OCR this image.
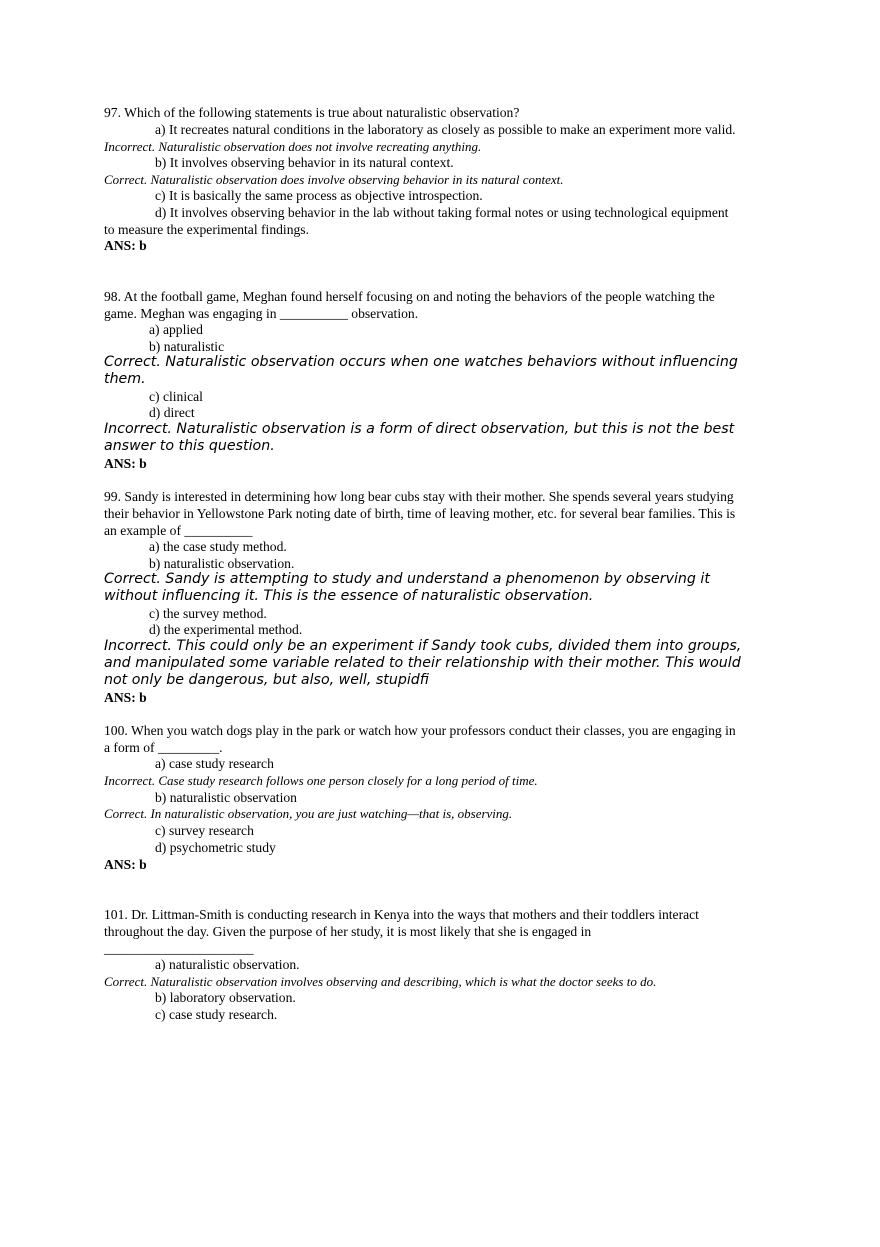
97. Which of the following statements is true about naturalistic observation?

a) It recreates natural conditions in the laboratory as closely as possible to make an experiment more valid.

Incorrect. Naturalistic observation does not involve recreating anything.

b) It involves observing behavior in its natural context.

Correct. Naturalistic observation does involve observing behavior in its natural context.

c) It is basically the same process as objective introspection.

d) It involves observing behavior in the lab without taking formal notes or using technological equipment

to measure the experimental findings.

ANS: b

98. At the football game, Meghan found herself focusing on and noting the behaviors of the people watching the

game. Meghan was engaging in __________ observation.

a) applied

b) naturalistic

Correct. Naturalistic observation occurs when one watches behaviors without influencing

them.

c) clinical

d) direct

Incorrect. Naturalistic observation is a form of direct observation, but this is not the best

answer to this question.

ANS: b

99. Sandy is interested in determining how long bear cubs stay with their mother. She spends several years studying

their behavior in Yellowstone Park noting date of birth, time of leaving mother, etc. for several bear families. This is

an example of __________

a) the case study method.

b) naturalistic observation.

Correct. Sandy is attempting to study and understand a phenomenon by observing it

without influencing it. This is the essence of naturalistic observation.

c) the survey method.

d) the experimental method.

Incorrect. This could only be an experiment if Sandy took cubs, divided them into groups,

and manipulated some variable related to their relationship with their mother. This would

not only be dangerous, but also, well, stupidfi

ANS: b

100. When you watch dogs play in the park or watch how your professors conduct their classes, you are engaging in

a form of _________.

a) case study research

Incorrect. Case study research follows one person closely for a long period of time.

b) naturalistic observation

Correct. In naturalistic observation, you are just watching—that is, observing.

c) survey research

d) psychometric study

ANS: b

101. Dr. Littman-Smith is conducting research in Kenya into the ways that mothers and their toddlers interact

throughout the day. Given the purpose of her study, it is most likely that she is engaged in

______________________

a) naturalistic observation.

Correct. Naturalistic observation involves observing and describing, which is what the doctor seeks to do.

b) laboratory observation.

c) case study research.
